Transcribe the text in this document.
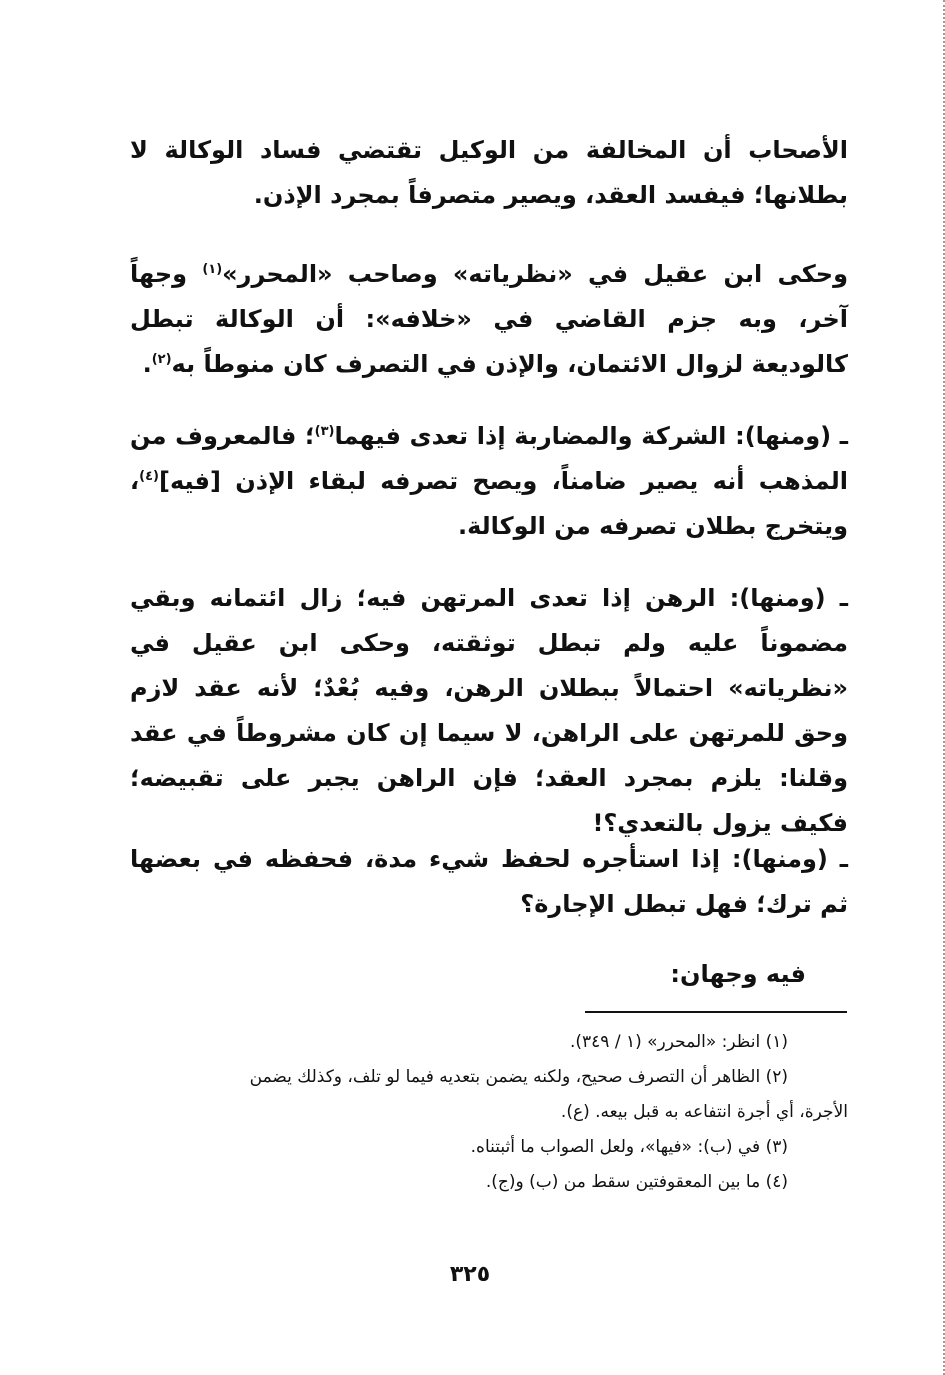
الأصحاب أن المخالفة من الوكيل تقتضي فساد الوكالة لا بطلانها؛ فيفسد العقد، ويصير متصرفاً بمجرد الإذن.

وحكى ابن عقيل في «نظرياته» وصاحب «المحرر»$^{(١)}$ وجهاً آخر، وبه جزم القاضي في «خلافه»: أن الوكالة تبطل كالوديعة لزوال الائتمان، والإذن في التصرف كان منوطاً به$^{(٢)}$.

ـ (ومنها): الشركة والمضاربة إذا تعدى فيهما$^{(٣)}$؛ فالمعروف من المذهب أنه يصير ضامناً، ويصح تصرفه لبقاء الإذن [فيه]$^{(٤)}$، ويتخرج بطلان تصرفه من الوكالة.

ـ (ومنها): الرهن إذا تعدى المرتهن فيه؛ زال ائتمانه وبقي مضموناً عليه ولم تبطل توثقته، وحكى ابن عقيل في «نظرياته» احتمالاً ببطلان الرهن، وفيه بُعْدٌ؛ لأنه عقد لازم وحق للمرتهن على الراهن، لا سيما إن كان مشروطاً في عقد وقلنا: يلزم بمجرد العقد؛ فإن الراهن يجبر على تقبيضه؛ فكيف يزول بالتعدي؟!

ـ (ومنها): إذا استأجره لحفظ شيء مدة، فحفظه في بعضها ثم ترك؛ فهل تبطل الإجارة؟

فيه وجهان:

(١) انظر: «المحرر» (١ / ٣٤٩).

(٢) الظاهر أن التصرف صحيح، ولكنه يضمن بتعديه فيما لو تلف، وكذلك يضمن

الأجرة، أي أجرة انتفاعه به قبل بيعه. (ع).

(٣) في (ب): «فيها»، ولعل الصواب ما أثبتناه.

(٤) ما بين المعقوفتين سقط من (ب) و(ج).

٣٢٥
